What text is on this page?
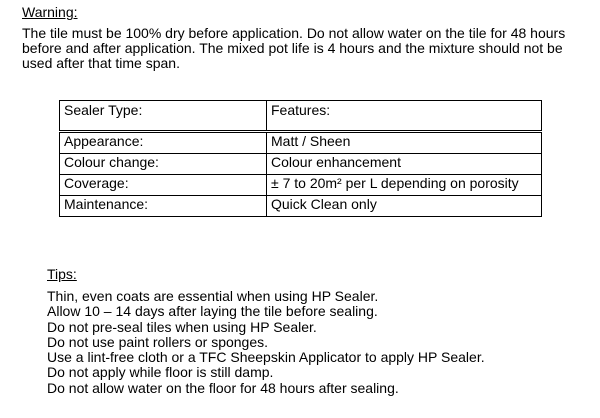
Warning:

The tile must be 100% dry before application. Do not allow water on the tile for 48 hours before and after application. The mixed pot life is 4 hours and the mixture should not be used after that time span.

Sealer Type:	Features:
Appearance:	Matt / Sheen
Colour change:	Colour enhancement
Coverage:	± 7 to 20m² per L depending on porosity
Maintenance:	Quick Clean only
Tips:
Thin, even coats are essential when using HP Sealer.
Allow 10 – 14 days after laying the tile before sealing.
Do not pre-seal tiles when using HP Sealer.
Do not use paint rollers or sponges.
Use a lint-free cloth or a TFC Sheepskin Applicator to apply HP Sealer.
Do not apply while floor is still damp.
Do not allow water on the floor for 48 hours after sealing.
